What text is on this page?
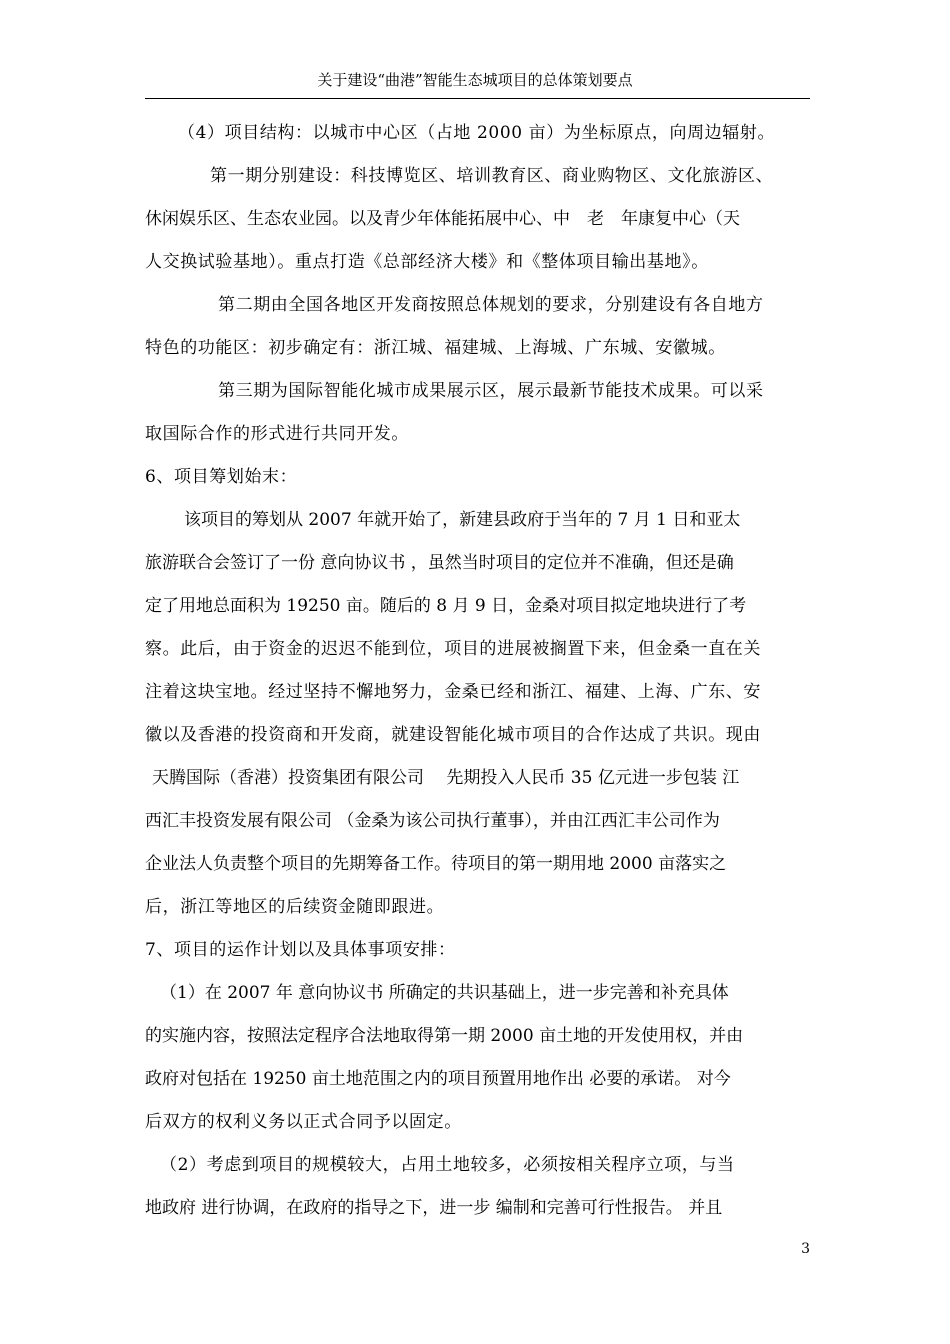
关于建设“曲港”智能生态城项目的总体策划要点
（4）项目结构：以城市中心区（占地 2000 亩）为坐标原点，向周边辐射。
第一期分别建设：科技博览区、培训教育区、商业购物区、文化旅游区、
休闲娱乐区、生态农业园。以及青少年体能拓展中心、中　老　年康复中心（天
人交换试验基地）。重点打造《总部经济大楼》和《整体项目输出基地》。
第二期由全国各地区开发商按照总体规划的要求，分别建设有各自地方
特色的功能区：初步确定有：浙江城、福建城、上海城、广东城、安徽城。
第三期为国际智能化城市成果展示区，展示最新节能技术成果。可以采
取国际合作的形式进行共同开发。
6、项目筹划始末：
该项目的筹划从 2007 年就开始了，新建县政府于当年的 7 月 1 日和亚太
旅游联合会签订了一份 意向协议书 ，虽然当时项目的定位并不准确，但还是确
定了用地总面积为 19250 亩。随后的 8 月 9 日，金桑对项目拟定地块进行了考
察。此后，由于资金的迟迟不能到位，项目的进展被搁置下来，但金桑一直在关
注着这块宝地。经过坚持不懈地努力，金桑已经和浙江、福建、上海、广东、安
徽以及香港的投资商和开发商，就建设智能化城市项目的合作达成了共识。现由
天腾国际（香港）投资集团有限公司　 先期投入人民币 35 亿元进一步包装 江
西汇丰投资发展有限公司 （金桑为该公司执行董事），并由江西汇丰公司作为
企业法人负责整个项目的先期筹备工作。待项目的第一期用地 2000 亩落实之
后，浙江等地区的后续资金随即跟进。
7、项目的运作计划以及具体事项安排：
（1）在 2007 年 意向协议书 所确定的共识基础上，进一步完善和补充具体
的实施内容，按照法定程序合法地取得第一期 2000 亩土地的开发使用权，并由
政府对包括在 19250 亩土地范围之内的项目预置用地作出 必要的承诺。 对今
后双方的权利义务以正式合同予以固定。
（2）考虑到项目的规模较大，占用土地较多，必须按相关程序立项，与当
地政府 进行协调，在政府的指导之下，进一步 编制和完善可行性报告。 并且
3
